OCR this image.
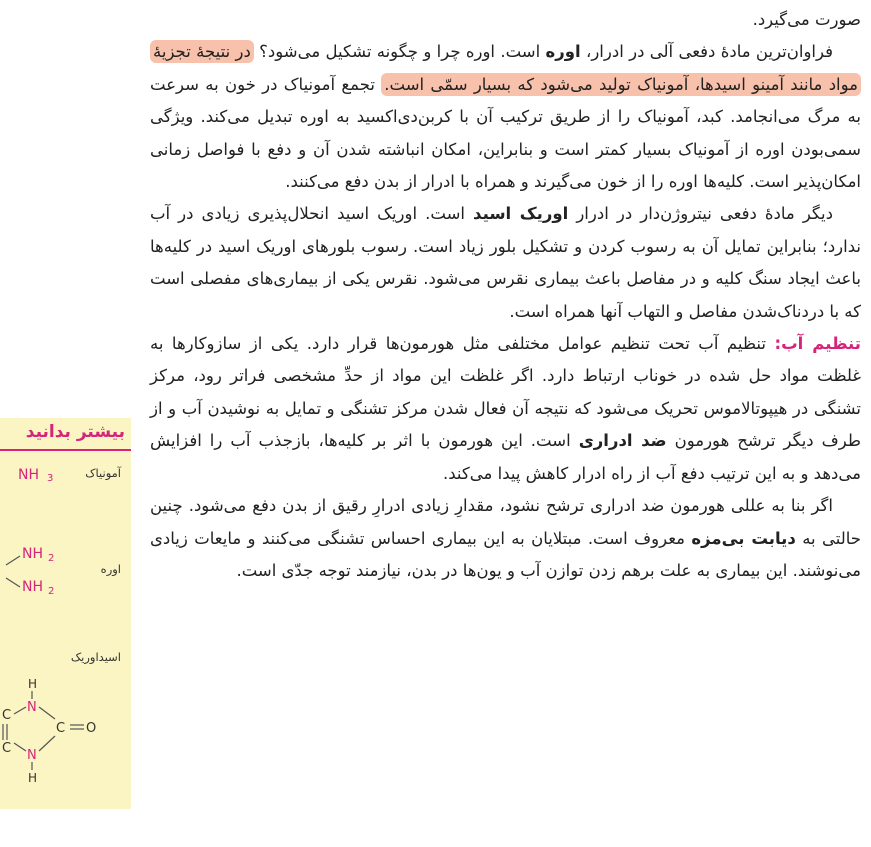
صورت می‌گیرد.

فراوان‌ترین مادهٔ دفعی آلی در ادرار، اوره است. اوره چرا و چگونه تشکیل می‌شود؟ در نتیجهٔ تجزیهٔ مواد مانند آمینو اسیدها، آمونیاک تولید می‌شود که بسیار سمّی است. تجمع آمونیاک در خون به سرعت به مرگ می‌انجامد. کبد، آمونیاک را از طریق ترکیب آن با کربن‌دی‌اکسید به اوره تبدیل می‌کند. ویژگی سمی‌بودن اوره از آمونیاک بسیار کمتر است و بنابراین، امکان انباشته شدن آن و دفع با فواصل زمانی امکان‌پذیر است. کلیه‌ها اوره را از خون می‌گیرند و همراه با ادرار از بدن دفع می‌کنند.

دیگر مادهٔ دفعی نیتروژن‌دار در ادرار اوریک اسید است. اوریک اسید انحلال‌پذیری زیادی در آب ندارد؛ بنابراین تمایل آن به رسوب کردن و تشکیل بلور زیاد است. رسوب بلورهای اوریک اسید در کلیه‌ها باعث ایجاد سنگ کلیه و در مفاصل باعث بیماری نقرس می‌شود. نقرس یکی از بیماری‌های مفصلی است که با دردناک‌شدن مفاصل و التهاب آنها همراه است.

تنظیم آب: تنظیم آب تحت تنظیم عوامل مختلفی مثل هورمون‌ها قرار دارد. یکی از سازوکارها به غلظت مواد حل شده در خوناب ارتباط دارد. اگر غلظت این مواد از حدِّ مشخصی فراتر رود، مرکز تشنگی در هیپوتالاموس تحریک می‌شود که نتیجه آن فعال شدن مرکز تشنگی و تمایل به نوشیدن آب و از طرف دیگر ترشح هورمون ضد ادراری است. این هورمون با اثر بر کلیه‌ها، بازجذب آب را افزایش می‌دهد و به این ترتیب دفع آب از راه ادرار کاهش پیدا می‌کند.

اگر بنا به عللی هورمون ضد ادراری ترشح نشود، مقدارِ زیادی ادرارِ رقیق از بدن دفع می‌شود. چنین حالتی به دیابت بی‌مزه معروف است. مبتلایان به این بیماری احساس تشنگی می‌کنند و مایعات زیادی می‌نوشند. این بیماری به علت برهم زدن توازن آب و یون‌ها در بدن، نیازمند توجه جدّی است.

بیشتر بدانید
آمونیاک
اوره
اسیداوریک
NH 3
NH 2
NH 2
H
N
C
C O
C N
H
